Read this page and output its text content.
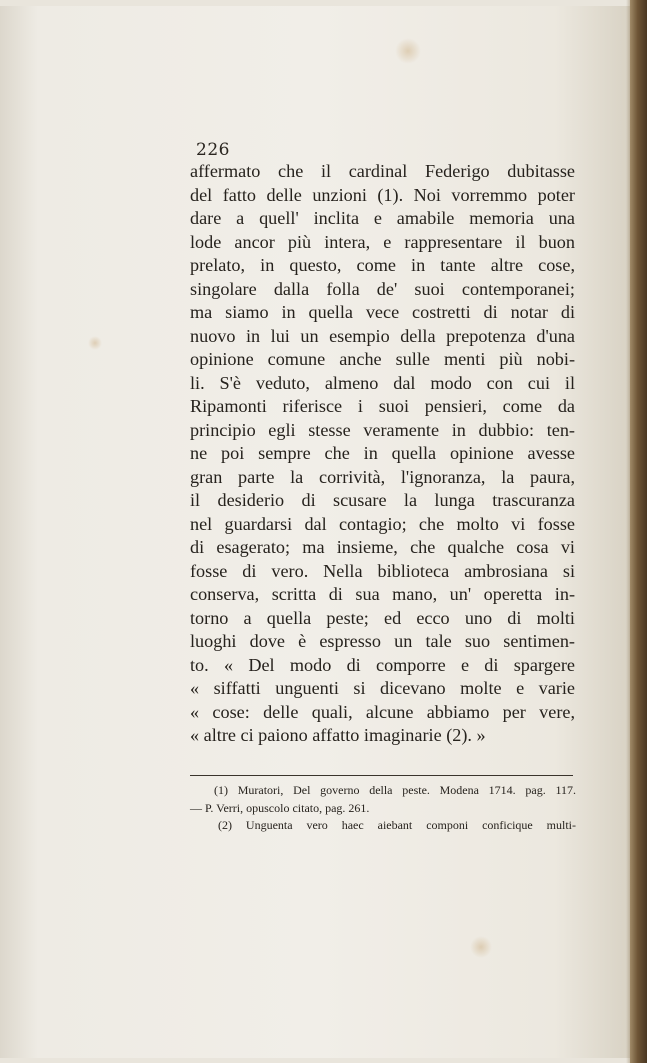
226
affermato che il cardinal Federigo dubitasse
del fatto delle unzioni (1). Noi vorremmo poter
dare a quell' inclita e amabile memoria una
lode ancor più intera, e rappresentare il buon
prelato, in questo, come in tante altre cose,
singolare dalla folla de' suoi contemporanei;
ma siamo in quella vece costretti di notar di
nuovo in lui un esempio della prepotenza d'una
opinione comune anche sulle menti più nobi-
li. S'è veduto, almeno dal modo con cui il
Ripamonti riferisce i suoi pensieri, come da
principio egli stesse veramente in dubbio: ten-
ne poi sempre che in quella opinione avesse
gran parte la corrività, l'ignoranza, la paura,
il desiderio di scusare la lunga trascuranza
nel guardarsi dal contagio; che molto vi fosse
di esagerato; ma insieme, che qualche cosa vi
fosse di vero. Nella biblioteca ambrosiana si
conserva, scritta di sua mano, un' operetta in-
torno a quella peste; ed ecco uno di molti
luoghi dove è espresso un tale suo sentimen-
to. « Del modo di comporre e di spargere
« siffatti unguenti si dicevano molte e varie
« cose: delle quali, alcune abbiamo per vere,
« altre ci paiono affatto imaginarie (2). »
(1) Muratori, Del governo della peste. Modena 1714. pag. 117.
— P. Verri, opuscolo citato, pag. 261.
(2) Unguenta vero haec aiebant componi conficique multi-
